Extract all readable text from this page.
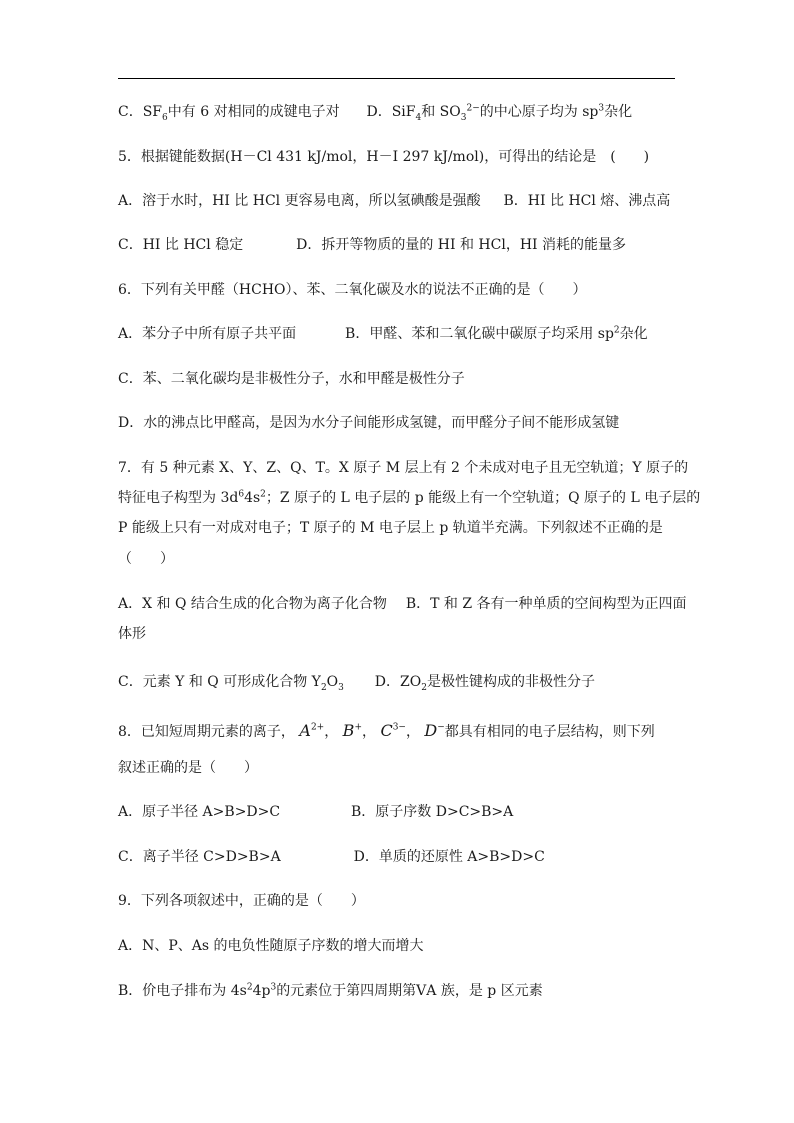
C．$SF_6$中有 6 对相同的成键电子对 D．SiF$_4$和 $SO_3^{2-}$的中心原子均为 $sp^3$杂化
5．根据键能数据(H－Cl 431 kJ/mol，H－I 297 kJ/mol)，可得出的结论是　(　　)
A．溶于水时，HI 比 HCl 更容易电离，所以氢碘酸是强酸 B．HI 比 HCl 熔、沸点高
C．HI 比 HCl 稳定	D．拆开等物质的量的 HI 和 HCl，HI 消耗的能量多
6．下列有关甲醛（HCHO）、苯、二氧化碳及水的说法不正确的是（　　）
A．苯分子中所有原子共平面	B．甲醛、苯和二氧化碳中碳原子均采用 $sp^2$杂化
C．苯、二氧化碳均是非极性分子，水和甲醛是极性分子
D．水的沸点比甲醛高，是因为水分子间能形成氢键，而甲醛分子间不能形成氢键
7．有 5 种元素 X、Y、Z、Q、T。X 原子 M 层上有 2 个未成对电子且无空轨道；Y 原子的
特征电子构型为 $3d^64s^2$；Z 原子的 L 电子层的 p 能级上有一个空轨道；Q 原子的 L 电子层的
P 能级上只有一对成对电子；T 原子的 M 电子层上 p 轨道半充满。下列叙述不正确的是
（　　）
A．X 和 Q 结合生成的化合物为离子化合物 B．T 和 Z 各有一种单质的空间构型为正四面
体形
C．元素 Y 和 Q 可形成化合物 $Y_2O_3$ D．$ZO_2$是极性键构成的非极性分子
8．已知短周期元素的离子， $A^{2+}$， B+， $C^{3-}$， D−都具有相同的电子层结构，则下列
叙述正确的是（　　）
A．原子半径 A>B>D>C	B．原子序数 D>C>B>A
C．离子半径 C>D>B>A	D．单质的还原性 A>B>D>C
9．下列各项叙述中，正确的是（　　）
A．N、P、As 的电负性随原子序数的增大而增大
B．价电子排布为 $4s^24p^3$的元素位于第四周期第ⅤA 族，是 p 区元素
